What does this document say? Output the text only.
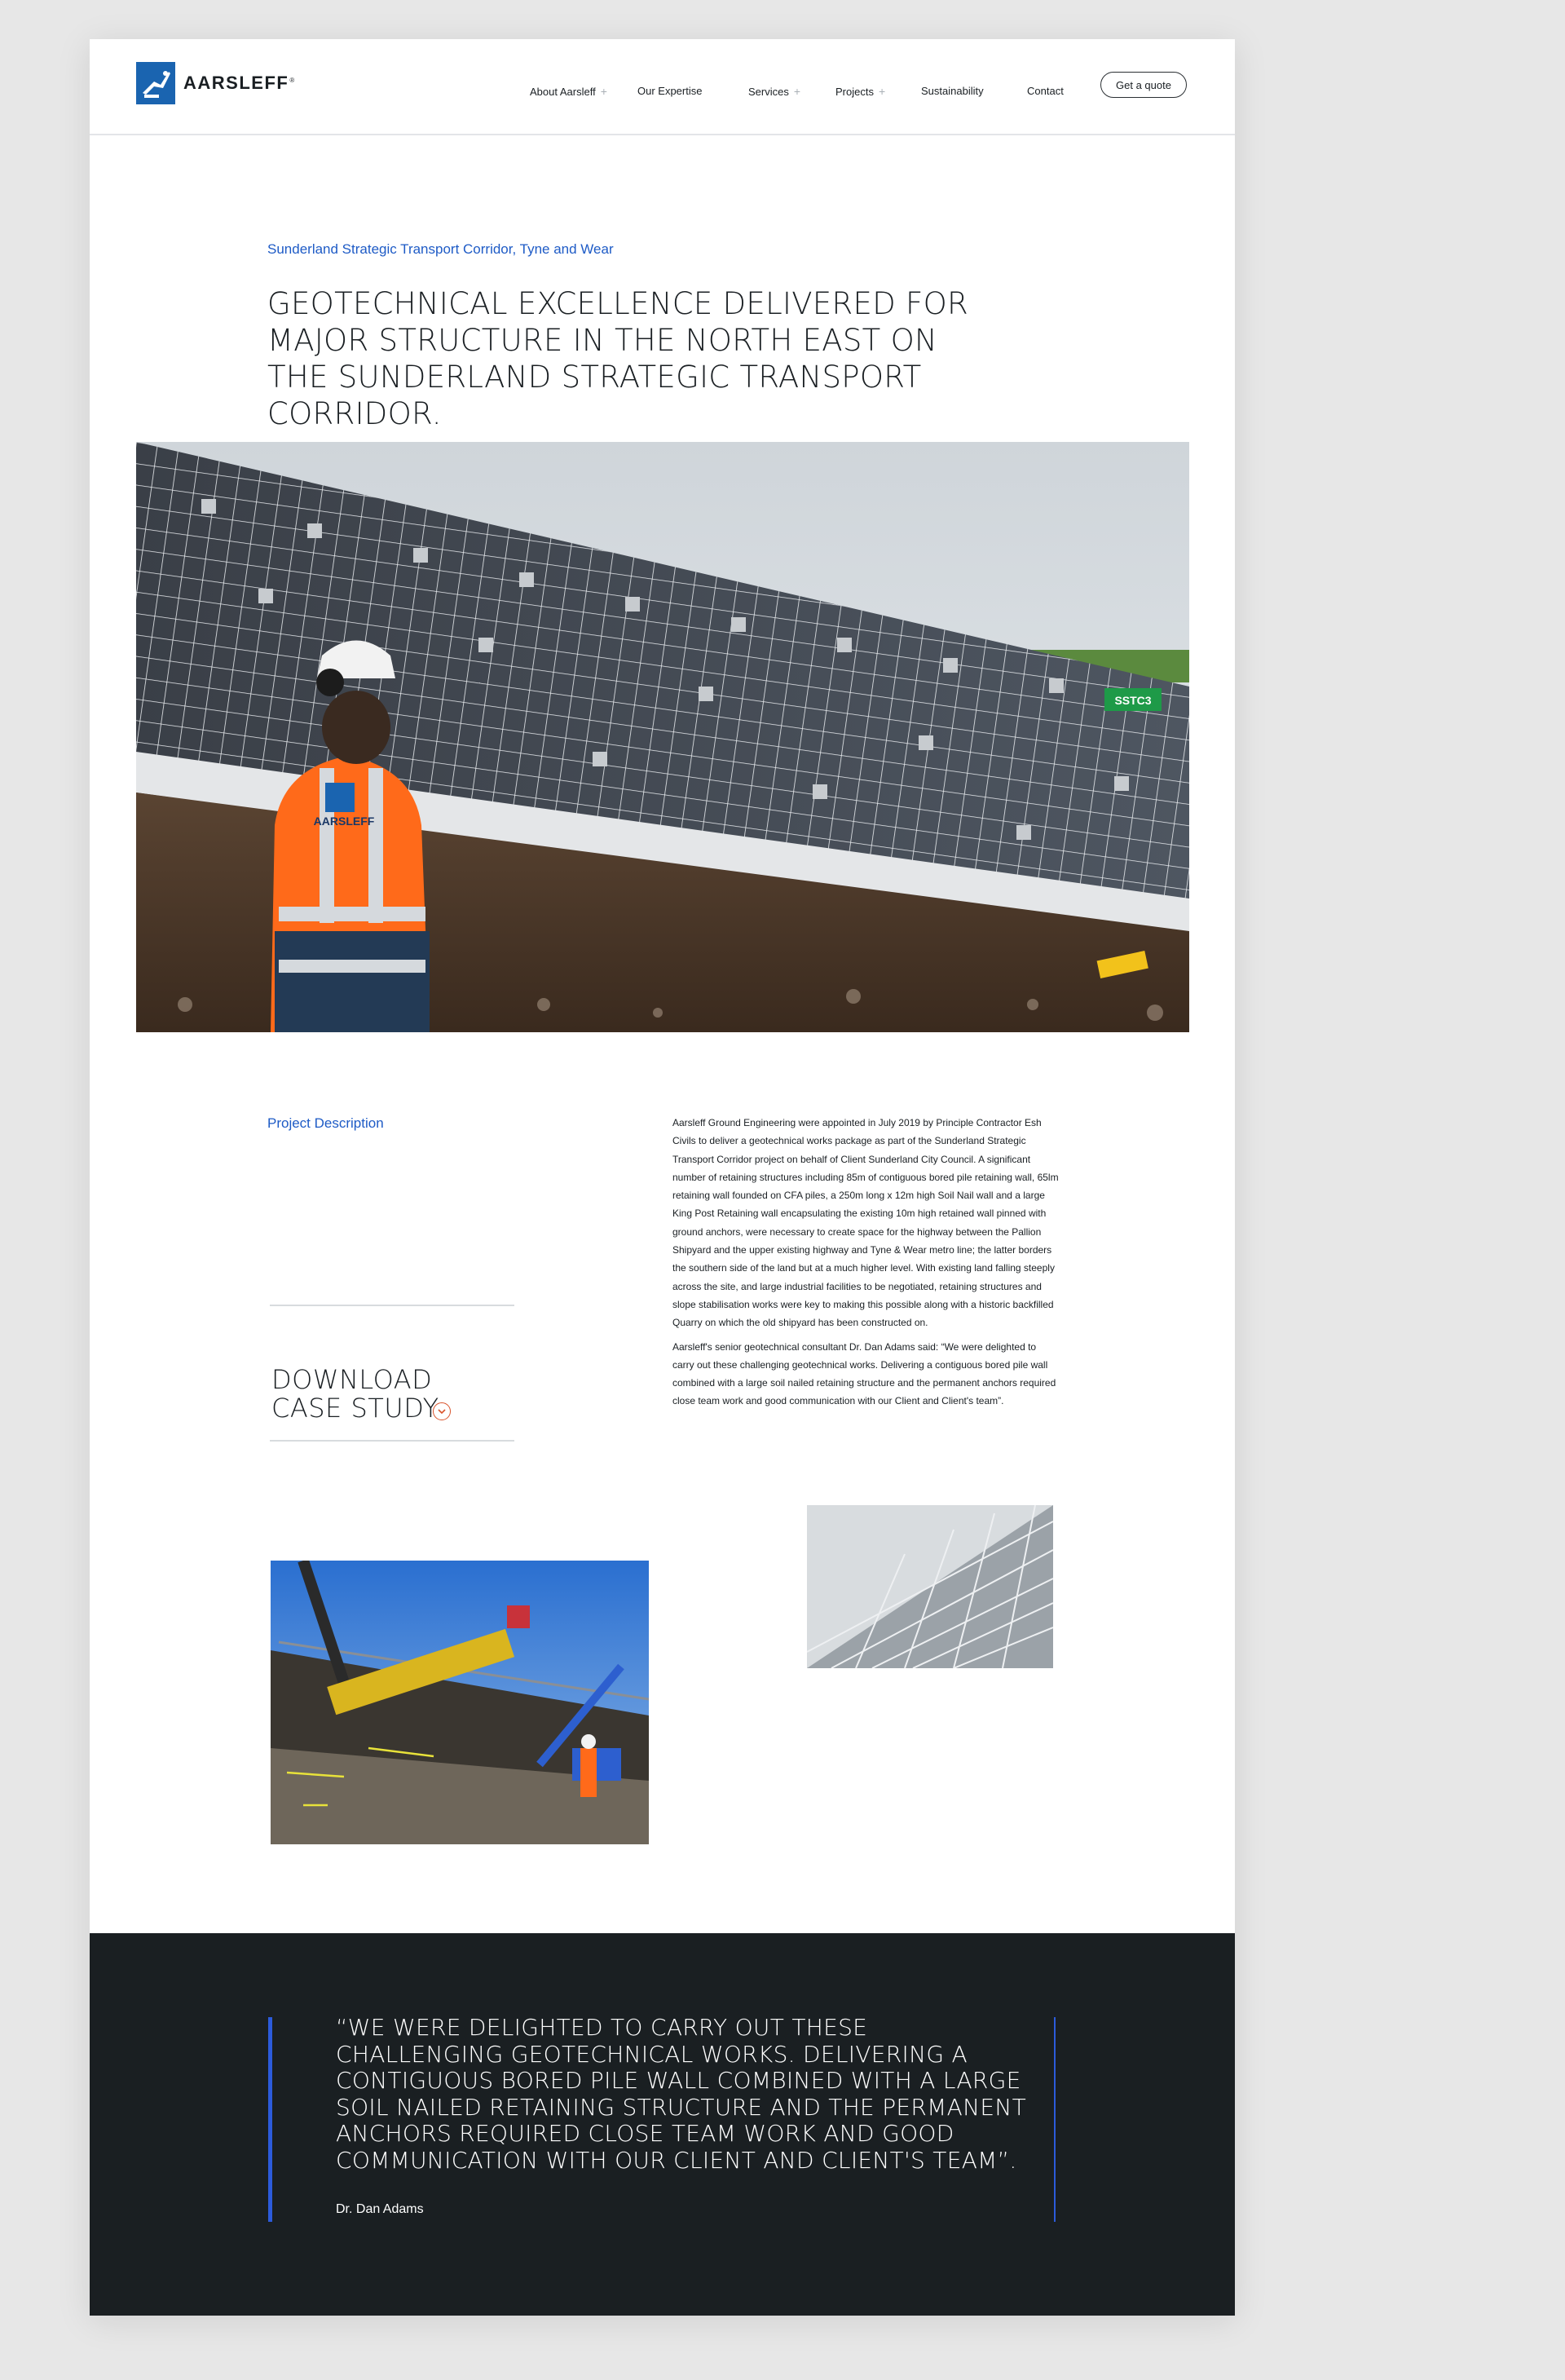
AARSLEFF®
About Aarsleff +	Our Expertise	Services +	Projects +	Sustainability	Contact	Get a quote
Sunderland Strategic Transport Corridor, Tyne and Wear
GEOTECHNICAL EXCELLENCE DELIVERED FOR MAJOR STRUCTURE IN THE NORTH EAST ON THE SUNDERLAND STRATEGIC TRANSPORT CORRIDOR.
SSTC3
AARSLEFF
Project Description	Aarsleff Ground Engineering were appointed in July 2019 by Principle Contractor Esh Civils to deliver a geotechnical works package as part of the Sunderland Strategic Transport Corridor project on behalf of Client Sunderland City Council. A significant number of retaining structures including 85m of contiguous bored pile retaining wall, 65lm retaining wall founded on CFA piles, a 250m long x 12m high Soil Nail wall and a large King Post Retaining wall encapsulating the existing 10m high retained wall pinned with ground anchors, were necessary to create space for the highway between the Pallion Shipyard and the upper existing highway and Tyne & Wear metro line; the latter borders the southern side of the land but at a much higher level. With existing land falling steeply across the site, and large industrial facilities to be negotiated, retaining structures and slope stabilisation works were key to making this possible along with a historic backfilled Quarry on which the old shipyard has been constructed on.

Aarsleff's senior geotechnical consultant Dr. Dan Adams said: “We were delighted to carry out these challenging geotechnical works. Delivering a contiguous bored pile wall combined with a large soil nailed retaining structure and the permanent anchors required close team work and good communication with our Client and Client's team”.

DOWNLOAD
CASE STUDY
“WE WERE DELIGHTED TO CARRY OUT THESE CHALLENGING GEOTECHNICAL WORKS. DELIVERING A CONTIGUOUS BORED PILE WALL COMBINED WITH A LARGE SOIL NAILED RETAINING STRUCTURE AND THE PERMANENT ANCHORS REQUIRED CLOSE TEAM WORK AND GOOD COMMUNICATION WITH OUR CLIENT AND CLIENT'S TEAM”.
Dr. Dan Adams
